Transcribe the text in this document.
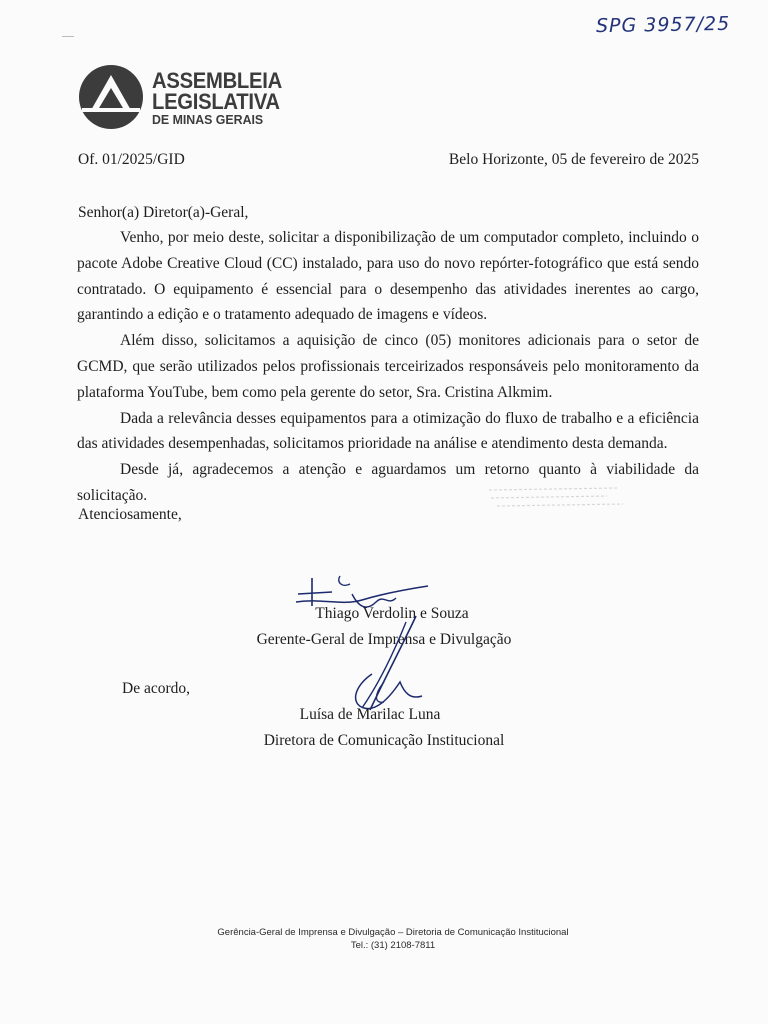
SPG 3957/25
ASSEMBLEIA
LEGISLATIVA
DE MINAS GERAIS
Of. 01/2025/GID	Belo Horizonte, 05 de fevereiro de 2025
Senhor(a) Diretor(a)-Geral,

Venho, por meio deste, solicitar a disponibilização de um computador completo, incluindo o pacote Adobe Creative Cloud (CC) instalado, para uso do novo repórter-fotográfico que está sendo contratado. O equipamento é essencial para o desempenho das atividades inerentes ao cargo, garantindo a edição e o tratamento adequado de imagens e vídeos.

Além disso, solicitamos a aquisição de cinco (05) monitores adicionais para o setor de GCMD, que serão utilizados pelos profissionais terceirizados responsáveis pelo monitoramento da plataforma YouTube, bem como pela gerente do setor, Sra. Cristina Alkmim.

Dada a relevância desses equipamentos para a otimização do fluxo de trabalho e a eficiência das atividades desempenhadas, solicitamos prioridade na análise e atendimento desta demanda.

Desde já, agradecemos a atenção e aguardamos um retorno quanto à viabilidade da solicitação.

Atenciosamente,
Thiago Verdolin e Souza
Gerente-Geral de Imprensa e Divulgação
De acordo,
Luísa de Marilac Luna
Diretora de Comunicação Institucional
Gerência-Geral de Imprensa e Divulgação – Diretoria de Comunicação Institucional
Tel.: (31) 2108-7811
